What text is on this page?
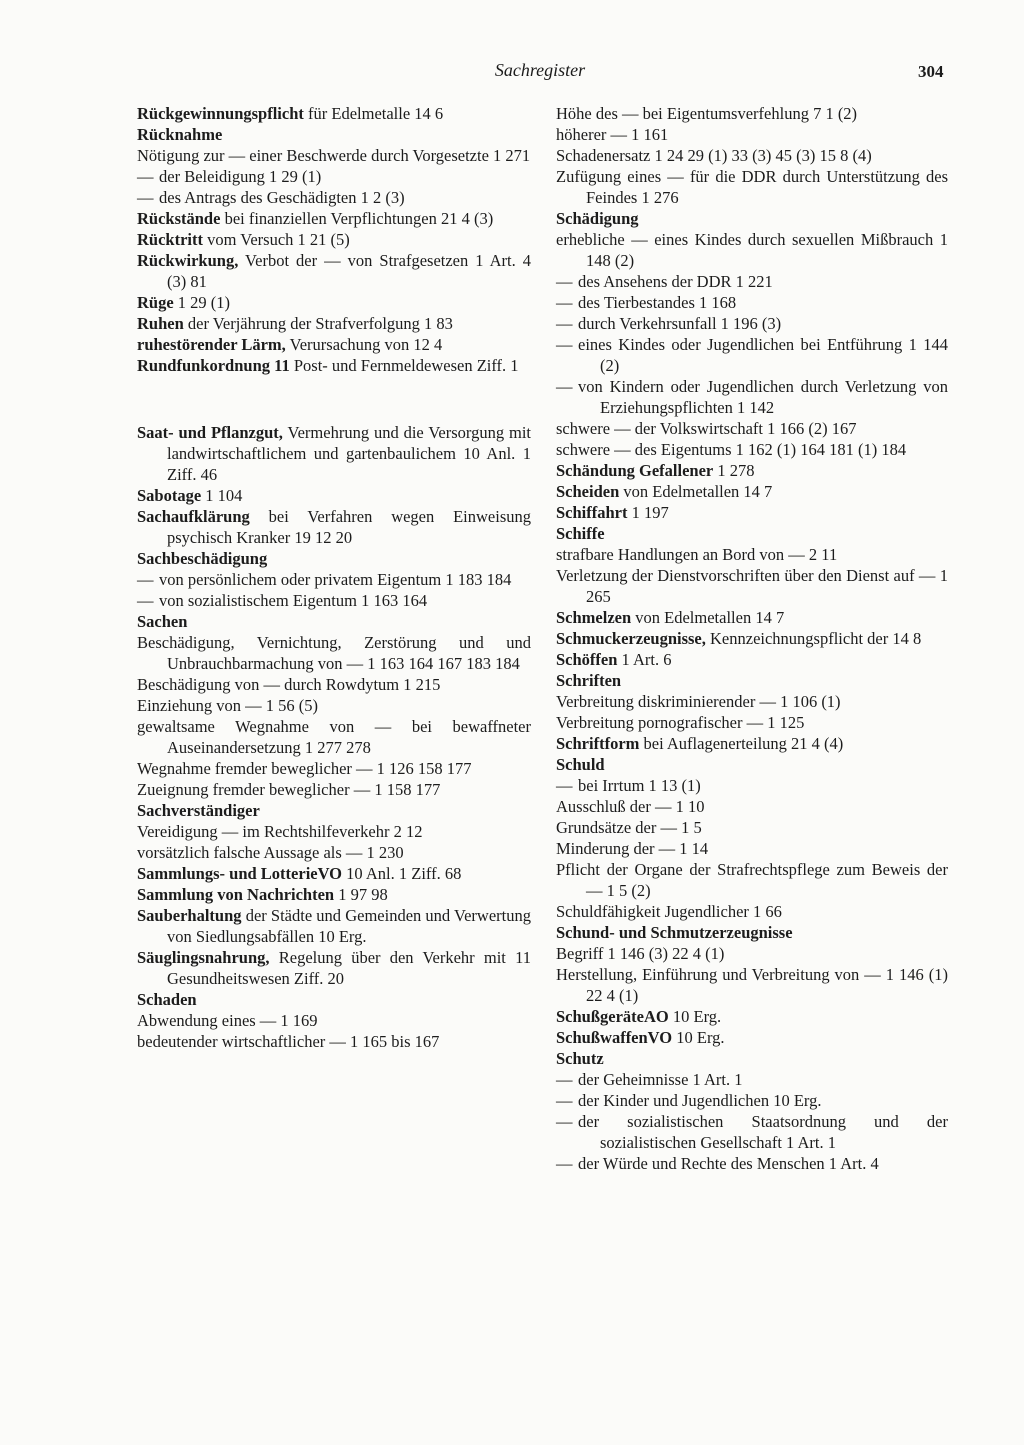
Sachregister	304

Rückgewinnungspflicht für Edelmetalle 14 6

Rücknahme

Nötigung zur — einer Beschwerde durch Vorgesetzte 1 271

— der Beleidigung 1 29 (1)

— des Antrags des Geschädigten 1 2 (3)

Rückstände bei finanziellen Verpflichtungen 21 4 (3)

Rücktritt vom Versuch 1 21 (5)

Rückwirkung, Verbot der — von Strafgesetzen 1 Art. 4 (3) 81

Rüge 1 29 (1)

Ruhen der Verjährung der Strafverfolgung 1 83

ruhestörender Lärm, Verursachung von 12 4

Rundfunkordnung 11 Post- und Fernmeldewesen Ziff. 1

Saat- und Pflanzgut, Vermehrung und die Versorgung mit landwirtschaftlichem und gartenbaulichem 10 Anl. 1 Ziff. 46

Sabotage 1 104

Sachaufklärung bei Verfahren wegen Einweisung psychisch Kranker 19 12 20

Sachbeschädigung

— von persönlichem oder privatem Eigentum 1 183 184

— von sozialistischem Eigentum 1 163 164

Sachen

Beschädigung, Vernichtung, Zerstörung und und Unbrauchbarmachung von — 1 163 164 167 183 184

Beschädigung von — durch Rowdytum 1 215

Einziehung von — 1 56 (5)

gewaltsame Wegnahme von — bei bewaffneter Auseinandersetzung 1 277 278

Wegnahme fremder beweglicher — 1 126 158 177

Zueignung fremder beweglicher — 1 158 177

Sachverständiger

Vereidigung — im Rechtshilfeverkehr 2 12

vorsätzlich falsche Aussage als — 1 230

Sammlungs- und LotterieVO 10 Anl. 1 Ziff. 68

Sammlung von Nachrichten 1 97 98

Sauberhaltung der Städte und Gemeinden und Verwertung von Siedlungsabfällen 10 Erg.

Säuglingsnahrung, Regelung über den Verkehr mit 11 Gesundheitswesen Ziff. 20

Schaden

Abwendung eines — 1 169

bedeutender wirtschaftlicher — 1 165 bis 167

Höhe des — bei Eigentumsverfehlung 7 1 (2)

höherer — 1 161

Schadenersatz 1 24 29 (1) 33 (3) 45 (3) 15 8 (4)

Zufügung eines — für die DDR durch Unterstützung des Feindes 1 276

Schädigung

erhebliche — eines Kindes durch sexuellen Mißbrauch 1 148 (2)

— des Ansehens der DDR 1 221

— des Tierbestandes 1 168

— durch Verkehrsunfall 1 196 (3)

— eines Kindes oder Jugendlichen bei Entführung 1 144 (2)

— von Kindern oder Jugendlichen durch Verletzung von Erziehungspflichten 1 142

schwere — der Volkswirtschaft 1 166 (2) 167

schwere — des Eigentums 1 162 (1) 164 181 (1) 184

Schändung Gefallener 1 278

Scheiden von Edelmetallen 14 7

Schiffahrt 1 197

Schiffe

strafbare Handlungen an Bord von — 2 11

Verletzung der Dienstvorschriften über den Dienst auf — 1 265

Schmelzen von Edelmetallen 14 7

Schmuckerzeugnisse, Kennzeichnungspflicht der 14 8

Schöffen 1 Art. 6

Schriften

Verbreitung diskriminierender — 1 106 (1)

Verbreitung pornografischer — 1 125

Schriftform bei Auflagenerteilung 21 4 (4)

Schuld

— bei Irrtum 1 13 (1)

Ausschluß der — 1 10

Grundsätze der — 1 5

Minderung der — 1 14

Pflicht der Organe der Strafrechtspflege zum Beweis der — 1 5 (2)

Schuldfähigkeit Jugendlicher 1 66

Schund- und Schmutzerzeugnisse

Begriff 1 146 (3) 22 4 (1)

Herstellung, Einführung und Verbreitung von — 1 146 (1) 22 4 (1)

SchußgeräteAO 10 Erg.

SchußwaffenVO 10 Erg.

Schutz

— der Geheimnisse 1 Art. 1

— der Kinder und Jugendlichen 10 Erg.

— der sozialistischen Staatsordnung und der sozialistischen Gesellschaft 1 Art. 1

— der Würde und Rechte des Menschen 1 Art. 4
